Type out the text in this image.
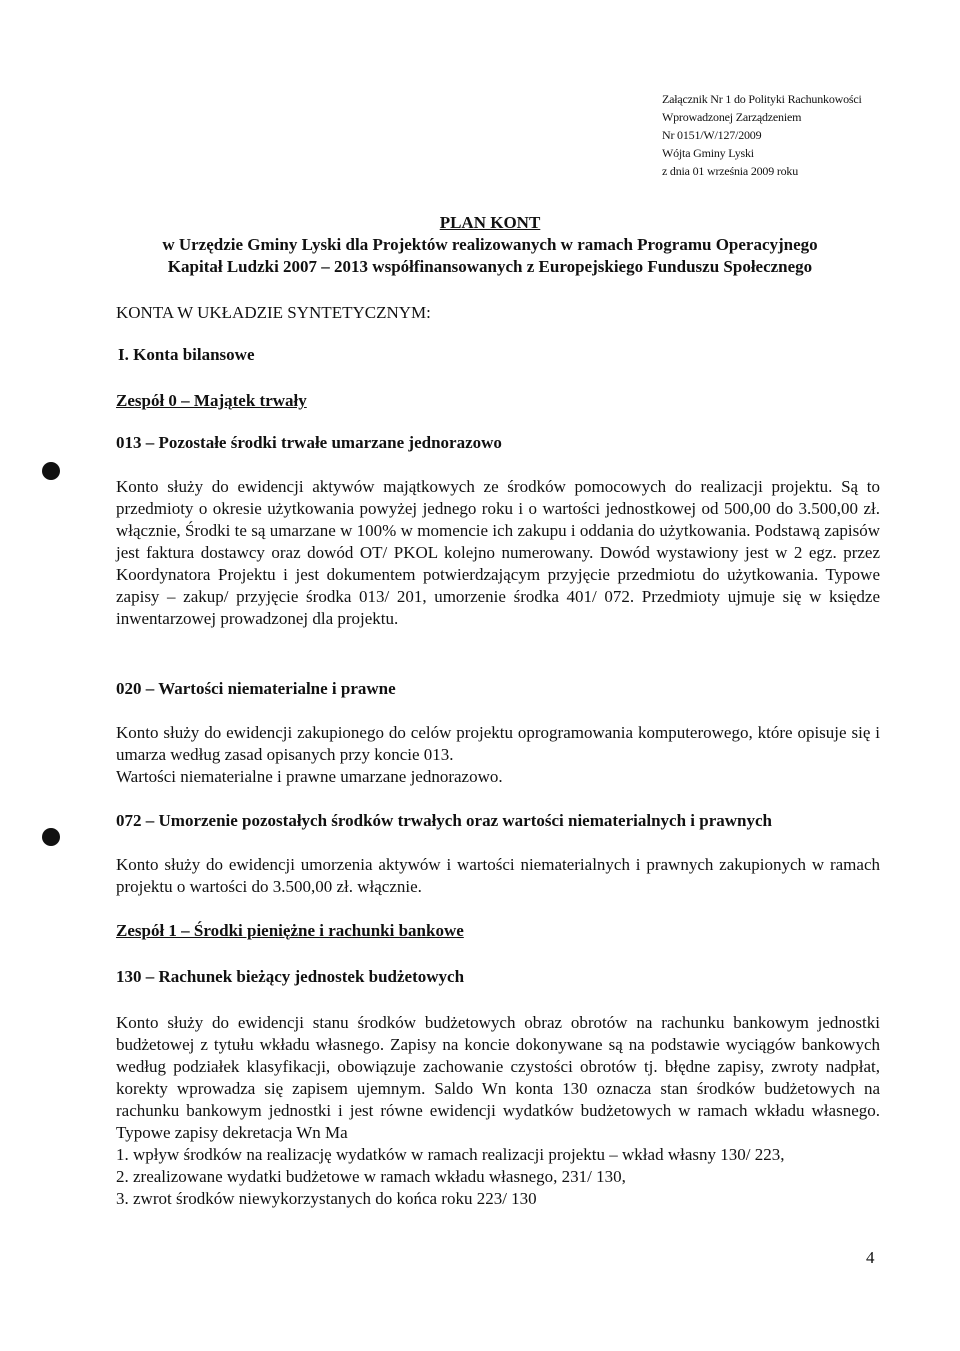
Załącznik Nr 1 do Polityki Rachunkowości
Wprowadzonej Zarządzeniem
Nr 0151/W/127/2009
Wójta Gminy Lyski
z dnia 01 września 2009 roku
PLAN KONT
w Urzędzie Gminy Lyski dla Projektów realizowanych w ramach Programu Operacyjnego
Kapitał Ludzki 2007 – 2013 współfinansowanych z Europejskiego Funduszu Społecznego
KONTA W UKŁADZIE SYNTETYCZNYM:
I. Konta bilansowe
Zespół 0 – Majątek trwały
013 – Pozostałe środki trwałe umarzane jednorazowo

Konto służy do ewidencji aktywów majątkowych ze środków pomocowych do realizacji projektu. Są to przedmioty o okresie użytkowania powyżej jednego roku i o wartości jednostkowej od 500,00 do 3.500,00 zł. włącznie, Środki te są umarzane w 100% w momencie ich zakupu i oddania do użytkowania. Podstawą zapisów jest faktura dostawcy oraz dowód OT/ PKOL kolejno numerowany. Dowód wystawiony jest w 2 egz. przez Koordynatora Projektu i jest dokumentem potwierdzającym przyjęcie przedmiotu do użytkowania. Typowe zapisy – zakup/ przyjęcie środka 013/ 201, umorzenie środka 401/ 072. Przedmioty ujmuje się w księdze inwentarzowej prowadzonej dla projektu.

020 – Wartości niematerialne i prawne

Konto służy do ewidencji zakupionego do celów projektu oprogramowania komputerowego, które opisuje się i umarza według zasad opisanych przy koncie 013.

Wartości niematerialne i prawne umarzane jednorazowo.

072 – Umorzenie pozostałych środków trwałych oraz wartości niematerialnych i prawnych

Konto służy do ewidencji umorzenia aktywów i wartości niematerialnych i prawnych zakupionych w ramach projektu o wartości do 3.500,00 zł. włącznie.

Zespół 1 – Środki pieniężne i rachunki bankowe
130 – Rachunek bieżący jednostek budżetowych

Konto służy do ewidencji stanu środków budżetowych obraz obrotów na rachunku bankowym jednostki budżetowej z tytułu wkładu własnego. Zapisy na koncie dokonywane są na podstawie wyciągów bankowych według podziałek klasyfikacji, obowiązuje zachowanie czystości obrotów tj. błędne zapisy, zwroty nadpłat, korekty wprowadza się zapisem ujemnym. Saldo Wn konta 130 oznacza stan środków budżetowych na rachunku bankowym jednostki i jest równe ewidencji wydatków budżetowych w ramach wkładu własnego. Typowe zapisy dekretacja Wn Ma

1. wpływ środków na realizację wydatków w ramach realizacji projektu – wkład własny 130/ 223,

2. zrealizowane wydatki budżetowe w ramach wkładu własnego, 231/ 130,

3. zwrot środków niewykorzystanych do końca roku 223/ 130

4
